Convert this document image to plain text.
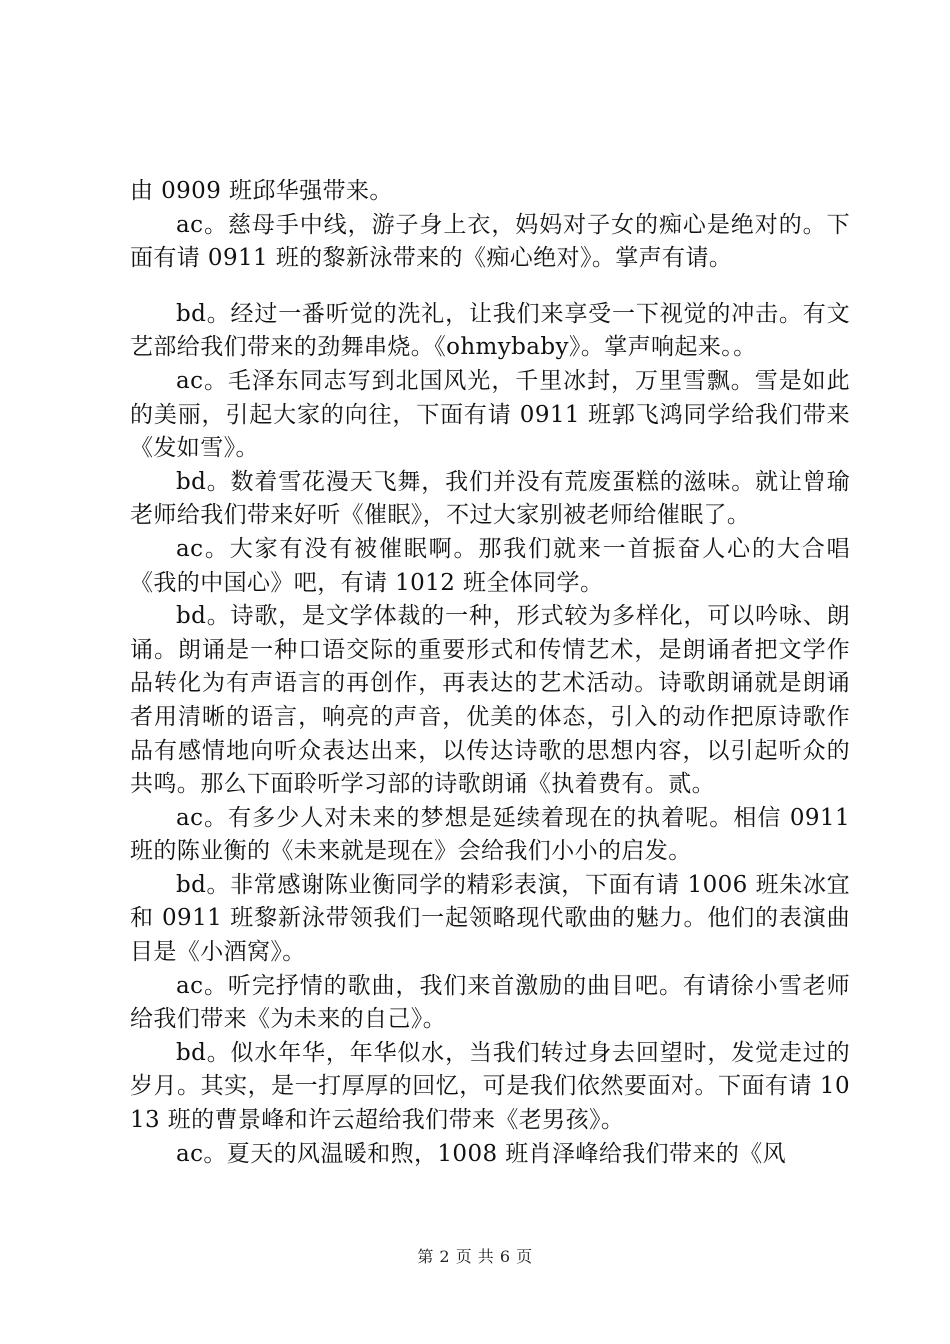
由 0909 班邱华强带来。

ac。慈母手中线，游子身上衣，妈妈对子女的痴心是绝对的。下面有请 0911 班的黎新泳带来的《痴心绝对》。掌声有请。

bd。经过一番听觉的洗礼，让我们来享受一下视觉的冲击。有文艺部给我们带来的劲舞串烧。《ohmybaby》。掌声响起来。。

ac。毛泽东同志写到北国风光，千里冰封，万里雪飘。雪是如此的美丽，引起大家的向往，下面有请 0911 班郭飞鸿同学给我们带来《发如雪》。

bd。数着雪花漫天飞舞，我们并没有荒废蛋糕的滋味。就让曾瑜老师给我们带来好听《催眠》，不过大家别被老师给催眠了。

ac。大家有没有被催眠啊。那我们就来一首振奋人心的大合唱《我的中国心》吧，有请 1012 班全体同学。

bd。诗歌，是文学体裁的一种，形式较为多样化，可以吟咏、朗诵。朗诵是一种口语交际的重要形式和传情艺术，是朗诵者把文学作品转化为有声语言的再创作，再表达的艺术活动。诗歌朗诵就是朗诵者用清晰的语言，响亮的声音，优美的体态，引入的动作把原诗歌作品有感情地向听众表达出来，以传达诗歌的思想内容，以引起听众的共鸣。那么下面聆听学习部的诗歌朗诵《执着费有。贰。

ac。有多少人对未来的梦想是延续着现在的执着呢。相信 0911 班的陈业衡的《未来就是现在》会给我们小小的启发。

bd。非常感谢陈业衡同学的精彩表演，下面有请 1006 班朱冰宜和 0911 班黎新泳带领我们一起领略现代歌曲的魅力。他们的表演曲目是《小酒窝》。

ac。听完抒情的歌曲，我们来首激励的曲目吧。有请徐小雪老师给我们带来《为未来的自己》。

bd。似水年华，年华似水，当我们转过身去回望时，发觉走过的岁月。其实，是一打厚厚的回忆，可是我们依然要面对。下面有请 1013 班的曹景峰和许云超给我们带来《老男孩》。

ac。夏天的风温暖和煦，1008 班肖泽峰给我们带来的《风

第 2 页 共 6 页
